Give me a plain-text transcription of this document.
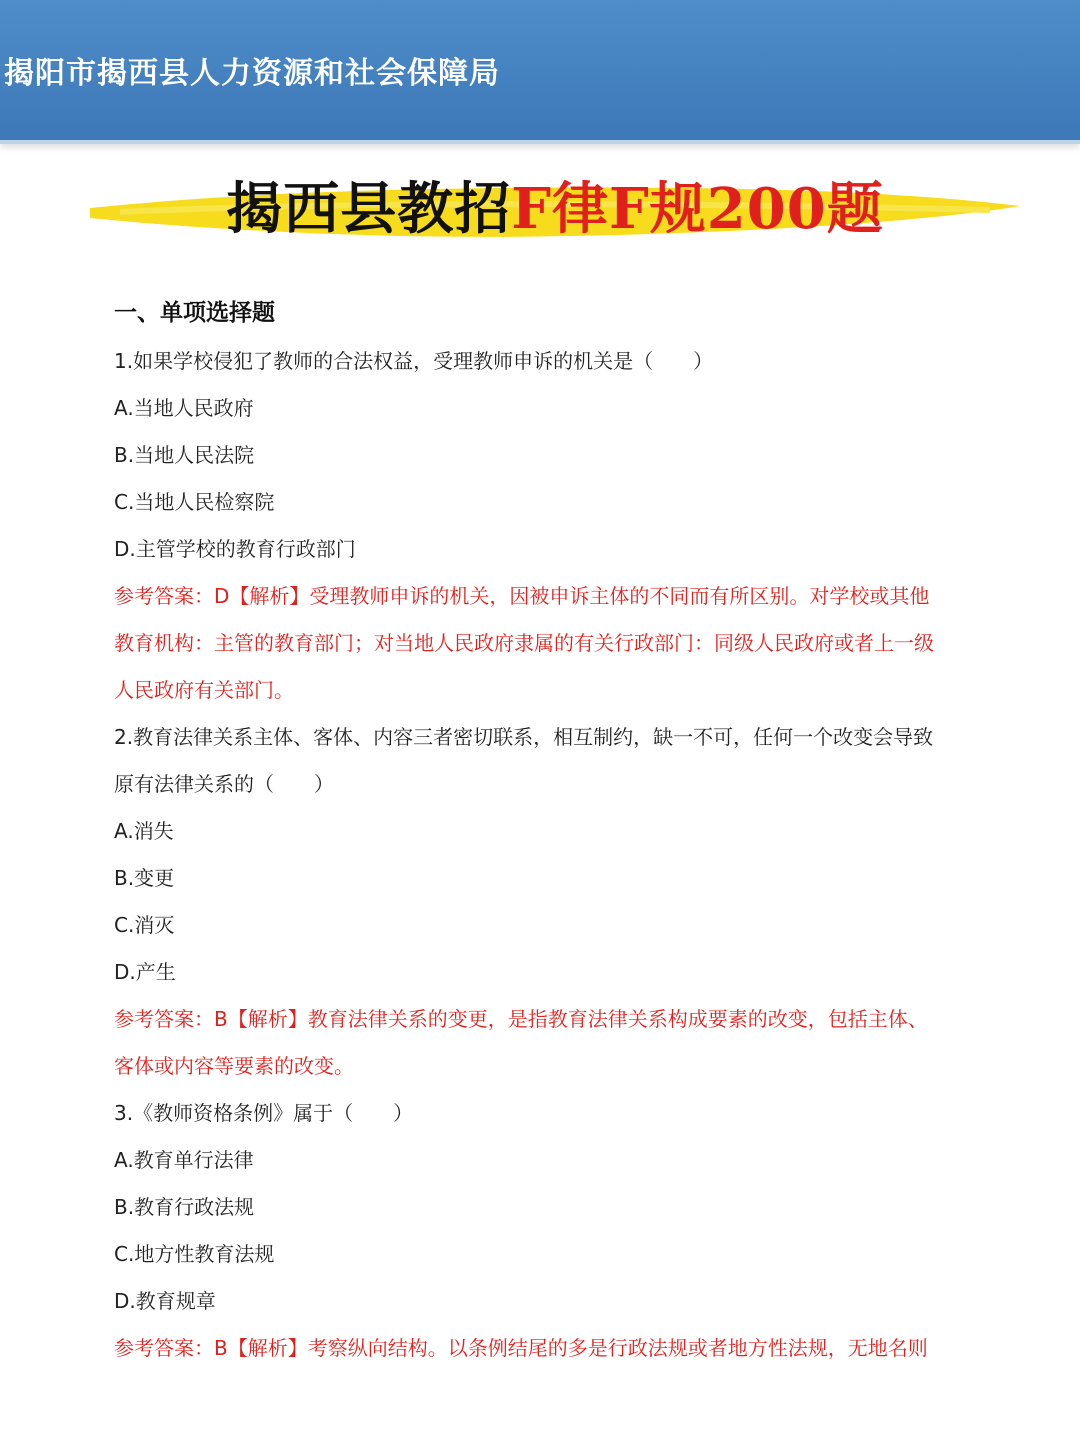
揭阳市揭西县人力资源和社会保障局
揭西县教招 F律F规200题
一、单项选择题
1.如果学校侵犯了教师的合法权益，受理教师申诉的机关是（　　）
A.当地人民政府
B.当地人民法院
C.当地人民检察院
D.主管学校的教育行政部门
参考答案：D【解析】受理教师申诉的机关，因被申诉主体的不同而有所区别。对学校或其他
教育机构：主管的教育部门；对当地人民政府隶属的有关行政部门：同级人民政府或者上一级
人民政府有关部门。
2.教育法律关系主体、客体、内容三者密切联系，相互制约，缺一不可，任何一个改变会导致
原有法律关系的（　　）
A.消失
B.变更
C.消灭
D.产生
参考答案：B【解析】教育法律关系的变更，是指教育法律关系构成要素的改变，包括主体、
客体或内容等要素的改变。
3.《教师资格条例》属于（　　）
A.教育单行法律
B.教育行政法规
C.地方性教育法规
D.教育规章
参考答案：B【解析】考察纵向结构。以条例结尾的多是行政法规或者地方性法规，无地名则
